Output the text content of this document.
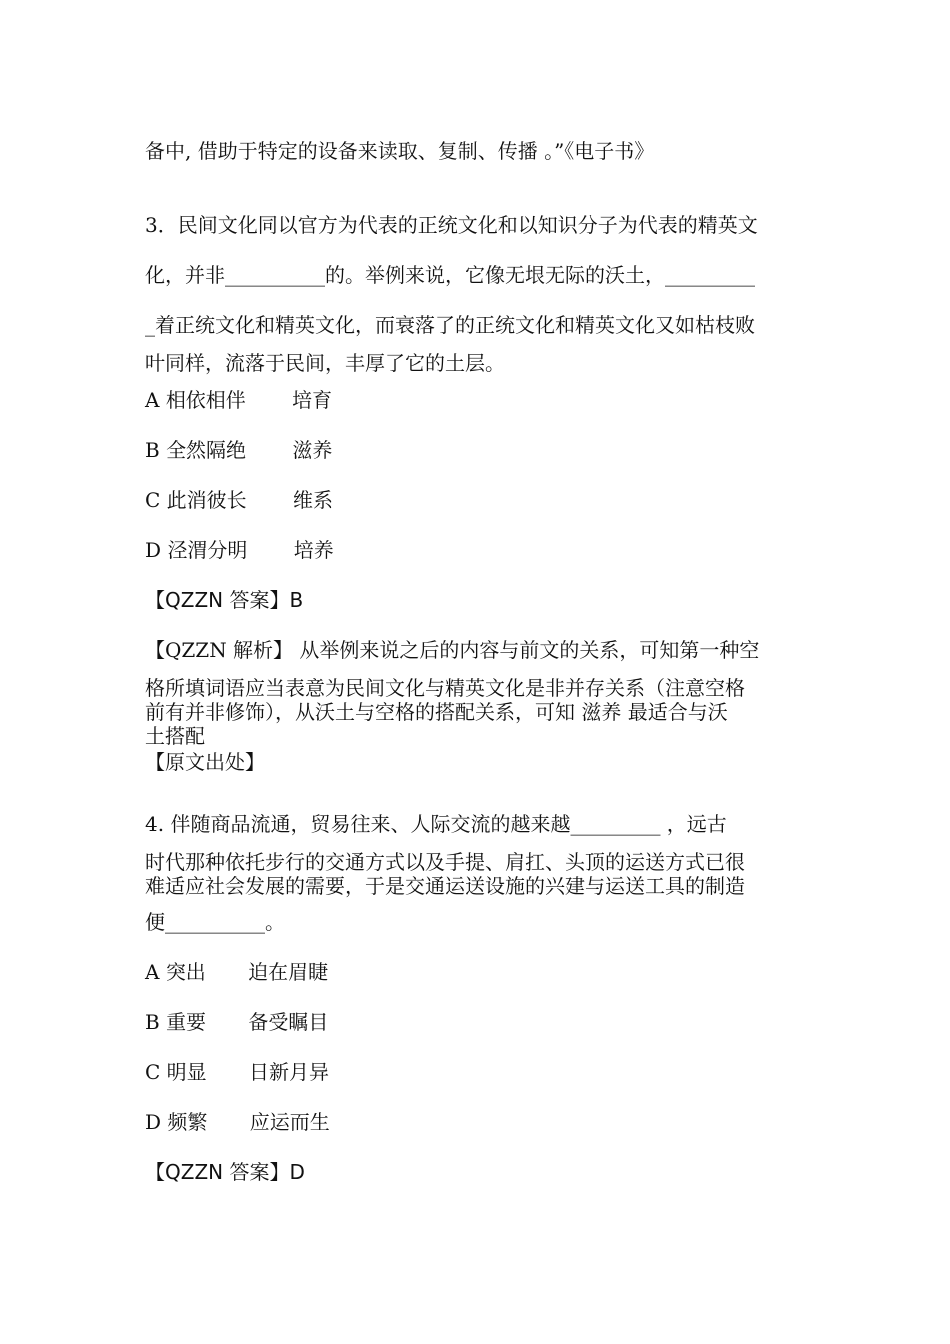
备中, 借助于特定的设备来读取、复制、传播 。”《电子书》
3．民间文化同以官方为代表的正统文化和以知识分子为代表的精英文
化，并非__________的。举例来说，它像无垠无际的沃土，_________
_着正统文化和精英文化，而衰落了的正统文化和精英文化又如枯枝败
叶同样，流落于民间，丰厚了它的土层。
A 相依相伴 培育
B 全然隔绝 滋养
C 此消彼长 维系
D 泾渭分明 培养
【QZZN 答案】B
【QZZN 解析】 从举例来说之后的内容与前文的关系，可知第一种空
格所填词语应当表意为民间文化与精英文化是非并存关系（注意空格
前有并非修饰），从沃土与空格的搭配关系，可知 滋养 最适合与沃
土搭配
【原文出处】
4. 伴随商品流通，贸易往来、人际交流的越来越_________ ，远古
时代那种依托步行的交通方式以及手提、肩扛、头顶的运送方式已很
难适应社会发展的需要，于是交通运送设施的兴建与运送工具的制造
便__________。
A 突出 迫在眉睫
B 重要 备受瞩目
C 明显 日新月异
D 频繁 应运而生
【QZZN 答案】D
